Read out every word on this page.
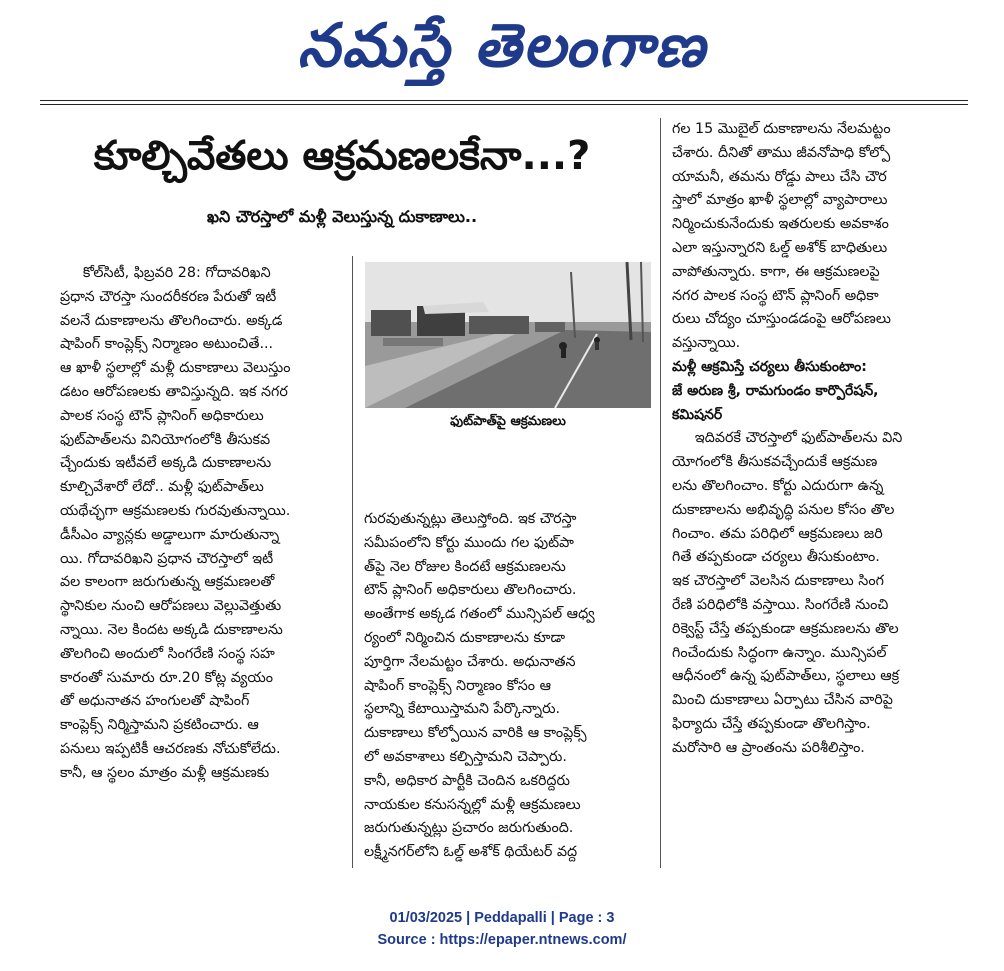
నమస్తే తెలంగాణ
కూల్చివేతలు ఆక్రమణలకేనా...?
ఖని చౌరస్తాలో మళ్లీ వెలుస్తున్న దుకాణాలు..
కోల్‌సిటీ, ఫిబ్రవరి 28: గోదావరిఖని
ప్రధాన చౌరస్తా సుందరీకరణ పేరుతో ఇటీ
వలనే దుకాణాలను తొలగించారు. అక్కడ
షాపింగ్ కాంప్లెక్స్ నిర్మాణం అటుంచితే...
ఆ ఖాళీ స్థలాల్లో మళ్లీ దుకాణాలు వెలుస్తుం
డటం ఆరోపణలకు తావిస్తున్నది. ఇక నగర
పాలక సంస్థ టౌన్ ప్లానింగ్ అధికారులు
ఫుట్‌పాత్‌లను వినియోగంలోకి తీసుకవ
చ్చేందుకు ఇటీవలే అక్కడి దుకాణాలను
కూల్చివేశారో లేదో.. మళ్లీ ఫుట్‌పాత్‌లు
యథేచ్ఛగా ఆక్రమణలకు గురవుతున్నాయి.
డీసీఎం వ్యాన్లకు అడ్డాలుగా మారుతున్నా
యి. గోదావరిఖని ప్రధాన చౌరస్తాలో ఇటీ
వల కాలంగా జరుగుతున్న ఆక్రమణలతో
స్థానికుల నుంచి ఆరోపణలు వెల్లువెత్తుతు
న్నాయి. నెల కిందట అక్కడి దుకాణాలను
తొలగించి అందులో సింగరేణి సంస్థ సహ
కారంతో సుమారు రూ.20 కోట్ల వ్యయం
తో అధునాతన హంగులతో షాపింగ్
కాంప్లెక్స్ నిర్మిస్తామని ప్రకటించారు. ఆ
పనులు ఇప్పటికీ ఆచరణకు నోచుకోలేదు.
కానీ, ఆ స్థలం మాత్రం మళ్లీ ఆక్రమణకు
ఫుట్‌పాత్‌పై ఆక్రమణలు
గురవుతున్నట్లు తెలుస్తోంది. ఇక చౌరస్తా
సమీపంలోని కోర్టు ముందు గల ఫుట్‌పా
త్‌పై నెల రోజుల కిందటే ఆక్రమణలను
టౌన్ ప్లానింగ్ అధికారులు తొలగించారు.
అంతేగాక అక్కడ గతంలో మున్సిపల్ ఆధ్వ
ర్యంలో నిర్మించిన దుకాణాలను కూడా
పూర్తిగా నేలమట్టం చేశారు. అధునాతన
షాపింగ్ కాంప్లెక్స్ నిర్మాణం కోసం ఆ
స్థలాన్ని కేటాయిస్తామని పేర్కొన్నారు.
దుకాణాలు కోల్పోయిన వారికి ఆ కాంప్లెక్స్
లో అవకాశాలు కల్పిస్తామని చెప్పారు.
కానీ, అధికార పార్టీకి చెందిన ఒకరిద్దరు
నాయకుల కనుసన్నల్లో మళ్లీ ఆక్రమణలు
జరుగుతున్నట్లు ప్రచారం జరుగుతుంది.
లక్ష్మీనగర్‌లోని ఓల్డ్ అశోక్ థియేటర్ వద్ద
గల 15 మొబైల్ దుకాణాలను నేలమట్టం
చేశారు. దీనితో తాము జీవనోపాధి కోల్పో
యామనీ, తమను రోడ్డు పాలు చేసి చౌర
స్తాలో మాత్రం ఖాళీ స్థలాల్లో వ్యాపారాలు
నిర్మించుకునేందుకు ఇతరులకు అవకాశం
ఎలా ఇస్తున్నారని ఓల్డ్ అశోక్ బాధితులు
వాపోతున్నారు. కాగా, ఈ ఆక్రమణలపై
నగర పాలక సంస్థ టౌన్ ప్లానింగ్ అధికా
రులు చోద్యం చూస్తుండడంపై ఆరోపణలు
వస్తున్నాయి.
మళ్లీ ఆక్రమిస్తే చర్యలు తీసుకుంటాం:
జే అరుణ శ్రీ, రామగుండం కార్పొరేషన్,
కమిషనర్
ఇదివరకే చౌరస్తాలో ఫుట్‌పాత్‌లను విని
యోగంలోకి తీసుకవచ్చేందుకే ఆక్రమణ
లను తొలగించాం. కోర్టు ఎదురుగా ఉన్న
దుకాణాలను అభివృద్ధి పనుల కోసం తొల
గించాం. తమ పరిధిలో ఆక్రమణలు జరి
గితే తప్పకుండా చర్యలు తీసుకుంటాం.
ఇక చౌరస్తాలో వెలసిన దుకాణాలు సింగ
రేణి పరిధిలోకి వస్తాయి. సింగరేణి నుంచి
రిక్వెస్ట్ చేస్తే తప్పకుండా ఆక్రమణలను తొల
గించేందుకు సిద్ధంగా ఉన్నాం. మున్సిపల్
ఆధీనంలో ఉన్న ఫుట్‌పాత్‌లు, స్థలాలు ఆక్ర
మించి దుకాణాలు ఏర్పాటు చేసిన వారిపై
ఫిర్యాదు చేస్తే తప్పకుండా తొలగిస్తాం.
మరోసారి ఆ ప్రాంతంను పరిశీలిస్తాం.
01/03/2025 | Peddapalli | Page : 3
Source : https://epaper.ntnews.com/
